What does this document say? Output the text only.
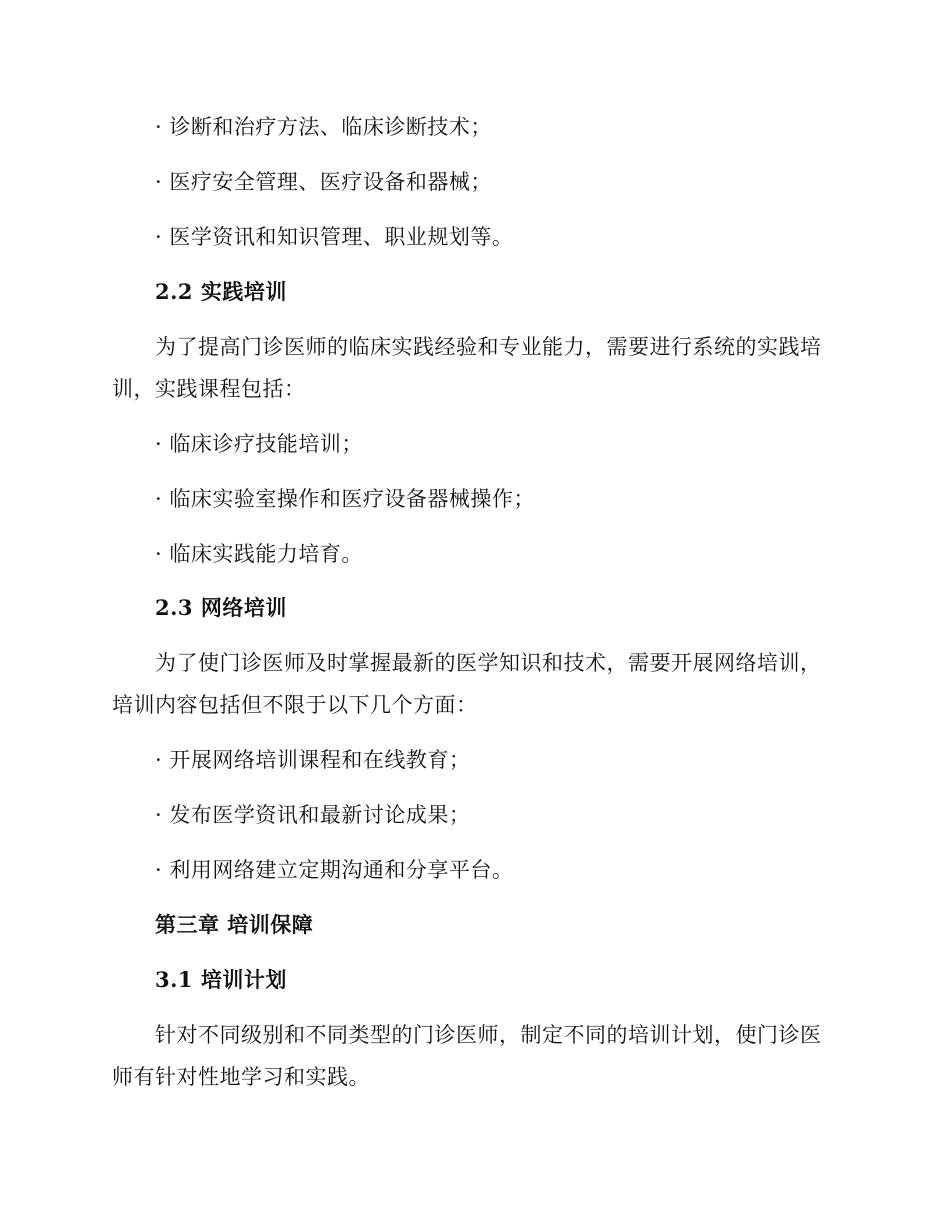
· 诊断和治疗方法、临床诊断技术；
· 医疗安全管理、医疗设备和器械；
· 医学资讯和知识管理、职业规划等。
2.2 实践培训
为了提高门诊医师的临床实践经验和专业能力，需要进行系统的实践培
训，实践课程包括：
· 临床诊疗技能培训；
· 临床实验室操作和医疗设备器械操作；
· 临床实践能力培育。
2.3 网络培训
为了使门诊医师及时掌握最新的医学知识和技术，需要开展网络培训，
培训内容包括但不限于以下几个方面：
· 开展网络培训课程和在线教育；
· 发布医学资讯和最新讨论成果；
· 利用网络建立定期沟通和分享平台。
第三章 培训保障
3.1 培训计划
针对不同级别和不同类型的门诊医师，制定不同的培训计划，使门诊医
师有针对性地学习和实践。
